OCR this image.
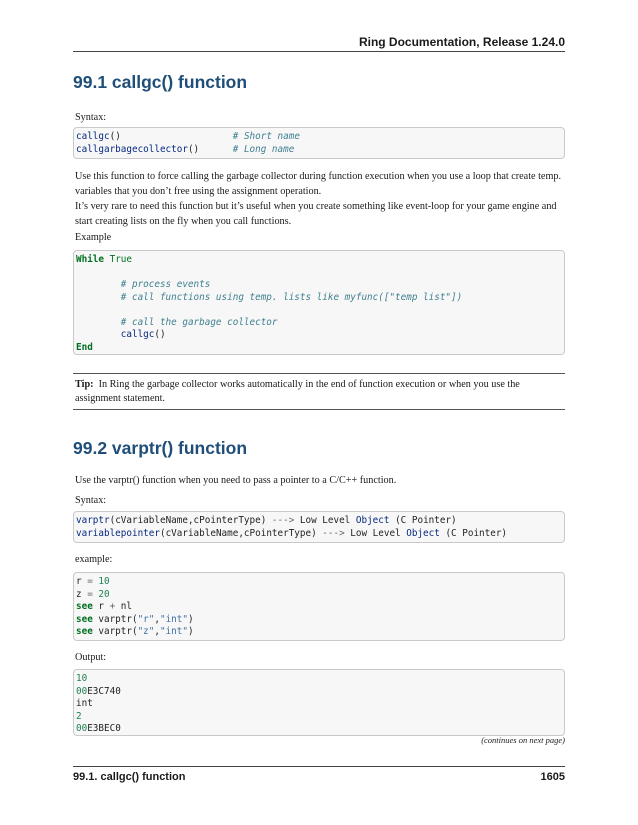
Ring Documentation, Release 1.24.0
99.1 callgc() function

Syntax:

callgc()	# Short name
callgarbagecollector()	# Long name

Use this function to force calling the garbage collector during function execution when you use a loop that create temp. variables that you don’t free using the assignment operation.

It’s very rare to need this function but it’s useful when you create something like event-loop for your game engine and start creating lists on the fly when you call functions.

Example

While True
# process events
# call functions using temp. lists like myfunc(["temp list"])
# call the garbage collector
callgc()
End

Tip: In Ring the garbage collector works automatically in the end of function execution or when you use the assignment statement.

99.2 varptr() function

Use the varptr() function when you need to pass a pointer to a C/C++ function.

Syntax:

varptr(cVariableName,cPointerType) ---> Low Level Object (C Pointer)
variablepointer(cVariableName,cPointerType) ---> Low Level Object (C Pointer)

example:

r = 10
z = 20
see r + nl
see varptr("r","int")
see varptr("z","int")

Output:

10
00E3C740
int
2
00E3BEC0
(continues on next page)
99.1. callgc() function	1605
